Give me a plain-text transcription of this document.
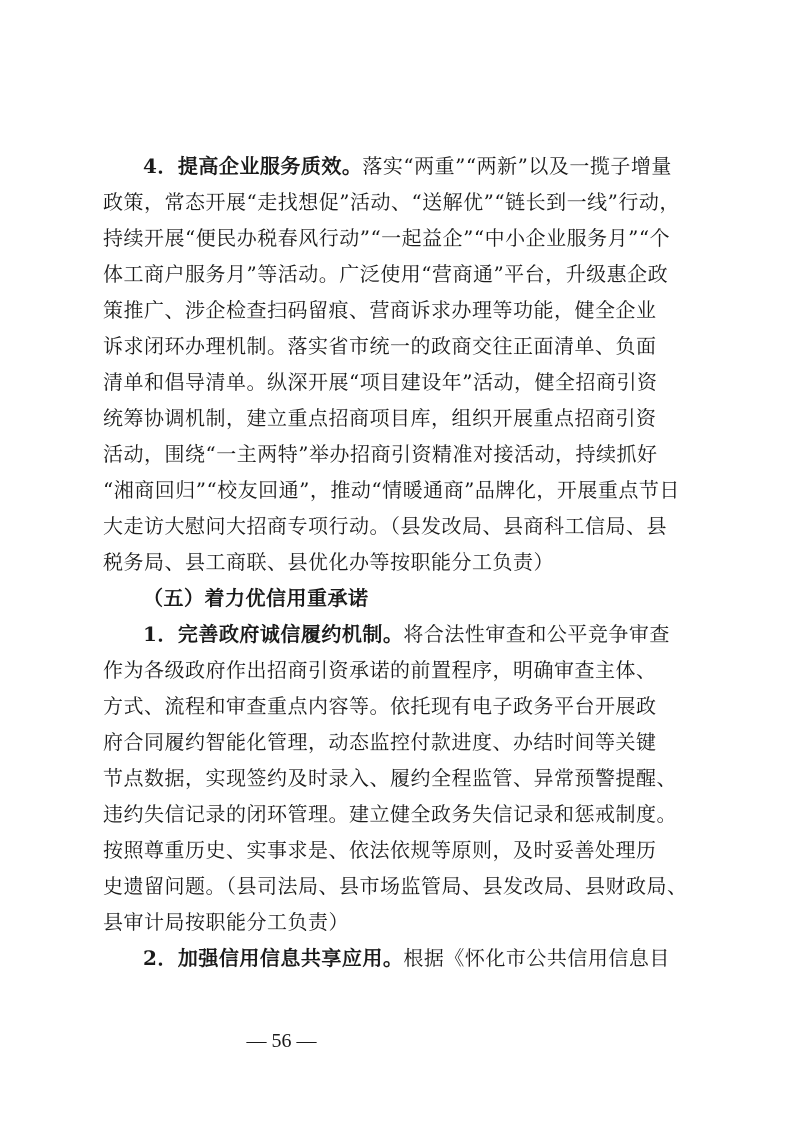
4．提高企业服务质效。落实“两重”“两新”以及一揽子增量
政策，常态开展“走找想促”活动、“送解优”“链长到一线”行动，
持续开展“便民办税春风行动”“一起益企”“中小企业服务月”“个
体工商户服务月”等活动。广泛使用“营商通”平台，升级惠企政
策推广、涉企检查扫码留痕、营商诉求办理等功能，健全企业
诉求闭环办理机制。落实省市统一的政商交往正面清单、负面
清单和倡导清单。纵深开展“项目建设年”活动，健全招商引资
统筹协调机制，建立重点招商项目库，组织开展重点招商引资
活动，围绕“一主两特”举办招商引资精准对接活动，持续抓好
“湘商回归”“校友回通”，推动“情暖通商”品牌化，开展重点节日
大走访大慰问大招商专项行动。（县发改局、县商科工信局、县
税务局、县工商联、县优化办等按职能分工负责）
（五）着力优信用重承诺
1．完善政府诚信履约机制。将合法性审查和公平竞争审查
作为各级政府作出招商引资承诺的前置程序，明确审查主体、
方式、流程和审查重点内容等。依托现有电子政务平台开展政
府合同履约智能化管理，动态监控付款进度、办结时间等关键
节点数据，实现签约及时录入、履约全程监管、异常预警提醒、
违约失信记录的闭环管理。建立健全政务失信记录和惩戒制度。
按照尊重历史、实事求是、依法依规等原则，及时妥善处理历
史遗留问题。（县司法局、县市场监管局、县发改局、县财政局、
县审计局按职能分工负责）
2．加强信用信息共享应用。根据《怀化市公共信用信息目
— 56 —
